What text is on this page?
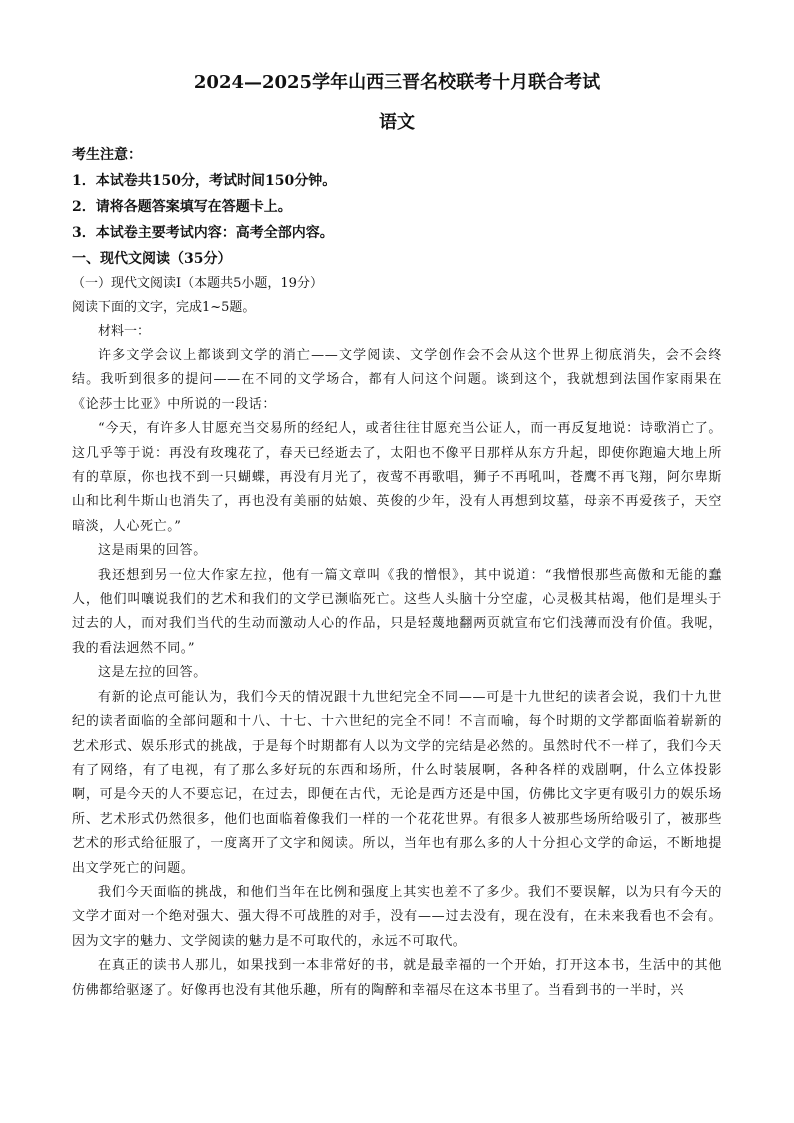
2024—2025学年山西三晋名校联考十月联合考试
语文

考生注意：

1．本试卷共150分，考试时间150分钟。

2．请将各题答案填写在答题卡上。

3．本试卷主要考试内容：高考全部内容。

一、现代文阅读（35分）

（一）现代文阅读Ⅰ（本题共5小题，19分）

阅读下面的文字，完成1~5题。

材料一：

许多文学会议上都谈到文学的消亡——文学阅读、文学创作会不会从这个世界上彻底消失，会不会终结。我听到很多的提问——在不同的文学场合，都有人问这个问题。谈到这个，我就想到法国作家雨果在《论莎士比亚》中所说的一段话：

“今天，有许多人甘愿充当交易所的经纪人，或者往往甘愿充当公证人，而一再反复地说：诗歌消亡了。这几乎等于说：再没有玫瑰花了，春天已经逝去了，太阳也不像平日那样从东方升起，即使你跑遍大地上所有的草原，你也找不到一只蝴蝶，再没有月光了，夜莺不再歌唱，狮子不再吼叫，苍鹰不再飞翔，阿尔卑斯山和比利牛斯山也消失了，再也没有美丽的姑娘、英俊的少年，没有人再想到坟墓，母亲不再爱孩子，天空暗淡，人心死亡。”

这是雨果的回答。

我还想到另一位大作家左拉，他有一篇文章叫《我的憎恨》，其中说道：“我憎恨那些高傲和无能的蠢人，他们叫嚷说我们的艺术和我们的文学已濒临死亡。这些人头脑十分空虚，心灵极其枯竭，他们是埋头于过去的人，而对我们当代的生动而激动人心的作品，只是轻蔑地翻两页就宣布它们浅薄而没有价值。我呢，我的看法迥然不同。”

这是左拉的回答。

有新的论点可能认为，我们今天的情况跟十九世纪完全不同——可是十九世纪的读者会说，我们十九世纪的读者面临的全部问题和十八、十七、十六世纪的完全不同！不言而喻，每个时期的文学都面临着崭新的艺术形式、娱乐形式的挑战，于是每个时期都有人以为文学的完结是必然的。虽然时代不一样了，我们今天有了网络，有了电视，有了那么多好玩的东西和场所，什么时装展啊，各种各样的戏剧啊，什么立体投影啊，可是今天的人不要忘记，在过去，即便在古代，无论是西方还是中国，仿佛比文字更有吸引力的娱乐场所、艺术形式仍然很多，他们也面临着像我们一样的一个花花世界。有很多人被那些场所给吸引了，被那些艺术的形式给征服了，一度离开了文字和阅读。所以，当年也有那么多的人十分担心文学的命运，不断地提出文学死亡的问题。

我们今天面临的挑战，和他们当年在比例和强度上其实也差不了多少。我们不要误解，以为只有今天的文学才面对一个绝对强大、强大得不可战胜的对手，没有——过去没有，现在没有，在未来我看也不会有。因为文字的魅力、文学阅读的魅力是不可取代的，永远不可取代。

在真正的读书人那儿，如果找到一本非常好的书，就是最幸福的一个开始，打开这本书，生活中的其他仿佛都给驱逐了。好像再也没有其他乐趣，所有的陶醉和幸福尽在这本书里了。当看到书的一半时，兴
